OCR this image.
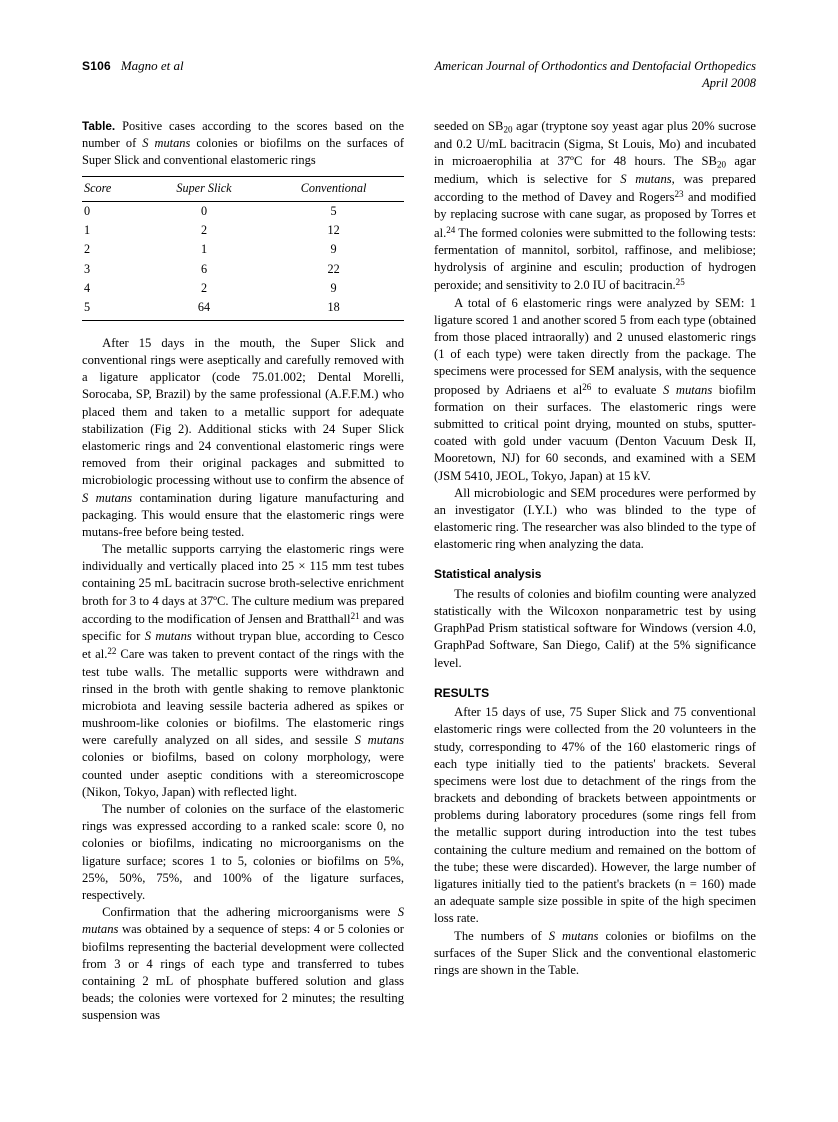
S106 Magno et al	American Journal of Orthodontics and Dentofacial Orthopedics
April 2008
Table. Positive cases according to the scores based on the number of S mutans colonies or biofilms on the surfaces of Super Slick and conventional elastomeric rings
Score	Super Slick	Conventional
0	0	5
1	2	12
2	1	9
3	6	22
4	2	9
5	64	18

After 15 days in the mouth, the Super Slick and conventional rings were aseptically and carefully removed with a ligature applicator (code 75.01.002; Dental Morelli, Sorocaba, SP, Brazil) by the same professional (A.F.F.M.) who placed them and taken to a metallic support for adequate stabilization (Fig 2). Additional sticks with 24 Super Slick elastomeric rings and 24 conventional elastomeric rings were removed from their original packages and submitted to microbiologic processing without use to confirm the absence of S mutans contamination during ligature manufacturing and packaging. This would ensure that the elastomeric rings were mutans-free before being tested.

The metallic supports carrying the elastomeric rings were individually and vertically placed into 25 × 115 mm test tubes containing 25 mL bacitracin sucrose broth-selective enrichment broth for 3 to 4 days at 37ºC. The culture medium was prepared according to the modification of Jensen and Bratthall$^{21}$ and was specific for S mutans without trypan blue, according to Cesco et al.$^{22}$ Care was taken to prevent contact of the rings with the test tube walls. The metallic supports were withdrawn and rinsed in the broth with gentle shaking to remove planktonic microbiota and leaving sessile bacteria adhered as spikes or mushroom-like colonies or biofilms. The elastomeric rings were carefully analyzed on all sides, and sessile S mutans colonies or biofilms, based on colony morphology, were counted under aseptic conditions with a stereomicroscope (Nikon, Tokyo, Japan) with reflected light.

The number of colonies on the surface of the elastomeric rings was expressed according to a ranked scale: score 0, no colonies or biofilms, indicating no microorganisms on the ligature surface; scores 1 to 5, colonies or biofilms on 5%, 25%, 50%, 75%, and 100% of the ligature surfaces, respectively.

Confirmation that the adhering microorganisms were S mutans was obtained by a sequence of steps: 4 or 5 colonies or biofilms representing the bacterial development were collected from 3 or 4 rings of each type and transferred to tubes containing 2 mL of phosphate buffered solution and glass beads; the colonies were vortexed for 2 minutes; the resulting suspension was

seeded on $SB_{20}$ agar (tryptone soy yeast agar plus 20% sucrose and 0.2 U/mL bacitracin (Sigma, St Louis, Mo) and incubated in microaerophilia at 37ºC for 48 hours. The $SB_{20}$ agar medium, which is selective for S mutans, was prepared according to the method of Davey and Rogers$^{23}$ and modified by replacing sucrose with cane sugar, as proposed by Torres et al.$^{24}$ The formed colonies were submitted to the following tests: fermentation of mannitol, sorbitol, raffinose, and melibiose; hydrolysis of arginine and esculin; production of hydrogen peroxide; and sensitivity to 2.0 IU of bacitracin.$^{25}$

A total of 6 elastomeric rings were analyzed by SEM: 1 ligature scored 1 and another scored 5 from each type (obtained from those placed intraorally) and 2 unused elastomeric rings (1 of each type) were taken directly from the package. The specimens were processed for SEM analysis, with the sequence proposed by Adriaens et $al^{26}$ to evaluate S mutans biofilm formation on their surfaces. The elastomeric rings were submitted to critical point drying, mounted on stubs, sputter-coated with gold under vacuum (Denton Vacuum Desk II, Mooretown, NJ) for 60 seconds, and examined with a SEM (JSM 5410, JEOL, Tokyo, Japan) at 15 kV.

All microbiologic and SEM procedures were performed by an investigator (I.Y.I.) who was blinded to the type of elastomeric ring. The researcher was also blinded to the type of elastomeric ring when analyzing the data.

Statistical analysis

The results of colonies and biofilm counting were analyzed statistically with the Wilcoxon nonparametric test by using GraphPad Prism statistical software for Windows (version 4.0, GraphPad Software, San Diego, Calif) at the 5% significance level.

RESULTS

After 15 days of use, 75 Super Slick and 75 conventional elastomeric rings were collected from the 20 volunteers in the study, corresponding to 47% of the 160 elastomeric rings of each type initially tied to the patients' brackets. Several specimens were lost due to detachment of the rings from the brackets and debonding of brackets between appointments or problems during laboratory procedures (some rings fell from the metallic support during introduction into the test tubes containing the culture medium and remained on the bottom of the tube; these were discarded). However, the large number of ligatures initially tied to the patient's brackets (n = 160) made an adequate sample size possible in spite of the high specimen loss rate.

The numbers of S mutans colonies or biofilms on the surfaces of the Super Slick and the conventional elastomeric rings are shown in the Table.
